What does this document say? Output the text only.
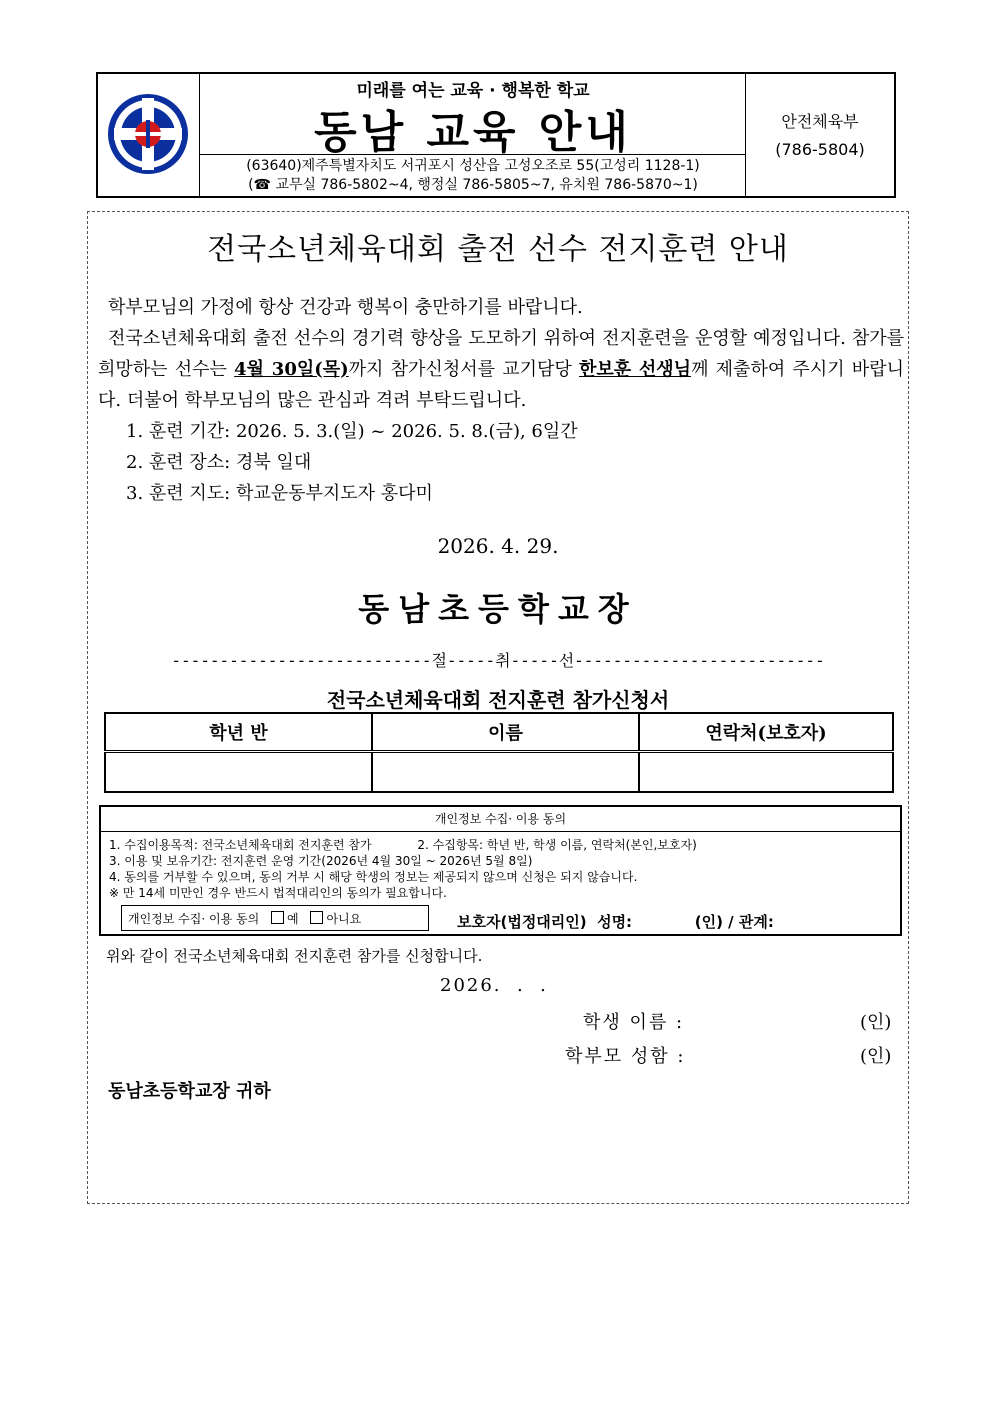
미래를 여는 교육 · 행복한 학교
동남 교육 안내
(63640)제주특별자치도 서귀포시 성산읍 고성오조로 55(고성리 1128-1)
(☎ 교무실 786-5802~4, 행정실 786-5805~7, 유치원 786-5870~1)
안전체육부
(786-5804)
전국소년체육대회 출전 선수 전지훈련 안내

학부모님의 가정에 항상 건강과 행복이 충만하기를 바랍니다.

전국소년체육대회 출전 선수의 경기력 향상을 도모하기 위하여 전지훈련을 운영할 예정입니다. 참가를 희망하는 선수는 4월 30일(목)까지 참가신청서를 교기담당 한보훈 선생님께 제출하여 주시기 바랍니다. 더불어 학부모님의 많은 관심과 격려 부탁드립니다.

1. 훈련 기간: 2026. 5. 3.(일) ~ 2026. 5. 8.(금), 6일간
2. 훈련 장소: 경북 일대
3. 훈련 지도: 학교운동부지도자 홍다미
2026. 4. 29.
동남초등학교장
---------------------------절-----취-----선--------------------------
전국소년체육대회 전지훈련 참가신청서
학년 반	이름	연락처(보호자)

개인정보 수집· 이용 동의
1. 수집이용목적: 전국소년체육대회 전지훈련 참가            2. 수집항목: 학년 반, 학생 이름, 연락처(본인,보호자)
3. 이용 및 보유기간: 전지훈련 운영 기간(2026년 4월 30일 ~ 2026년 5월 8일)
4. 동의를 거부할 수 있으며, 동의 거부 시 해당 학생의 정보는 제공되지 않으며 신청은 되지 않습니다.
※ 만 14세 미만인 경우 반드시 법적대리인의 동의가 필요합니다.
개인정보 수집· 이용 동의 예 아니요	보호자(법정대리인)  성명:            (인) / 관계:
위와 같이 전국소년체육대회 전지훈련 참가를 신청합니다.
2026.  .  .
학생 이름 :	(인)
학부모 성함 :	(인)
동남초등학교장 귀하
